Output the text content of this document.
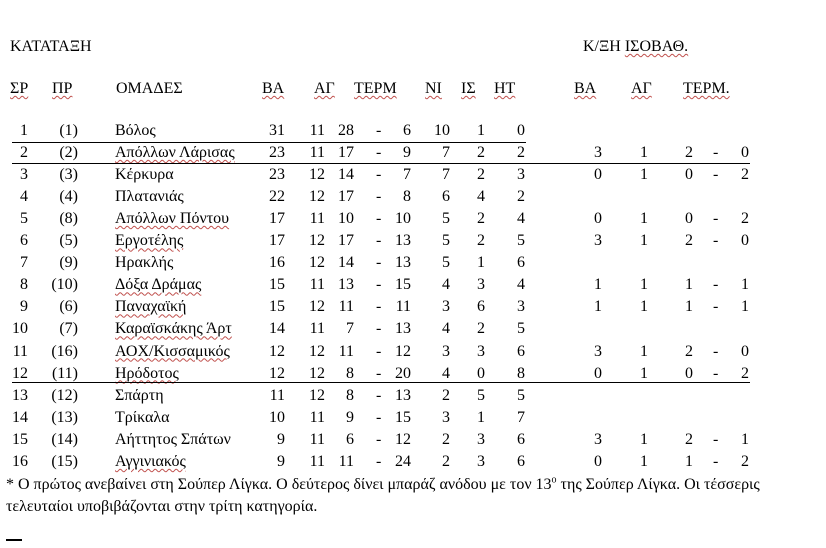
ΚΑΤΑΤΑΞΗ	Κ/ΞΗ ΙΣΟΒΑΘ.
ΣΡ ΠΡ	ΟΜΑΔΕΣ	ΒΑ ΑΓ ΤΕΡΜ ΝΙ ΙΣ ΗΤ	ΒΑ ΑΓ ΤΕΡΜ.
1 (1) Βόλος	31 11 28 - 6 10 1 0
2 (2) Απόλλων Λάρισας 23 11 17 - 9 7 2 2	3 1 2 - 0
3 (3) Κέρκυρα	23 12 14 - 7 7 2 3	0 1 0 - 2
4 (4) Πλατανιάς	22 12 17 - 8 6 4 2
5 (8) Απόλλων Πόντου 17 11 10 - 10 5 2 4	0 1 0 - 2
6 (5) Εργοτέλης	17 12 17 - 13 5 2 5	3 1 2 - 0
7 (9) Ηρακλής	16 12 14 - 13 5 1 6
8 (10) Δόξα Δράμας	15 11 13 - 15 4 3 4	1 1 1 - 1
9 (6) Παναχαϊκή	15 12 11 - 11 3 6 3	1 1 1 - 1
10 (7) Καραϊσκάκης Άρτ 14 11 7 - 13 4 2 5
11 (16) ΑΟΧ/Κισσαμικός 12 12 11 - 12 3 3 6	3 1 2 - 0
12 (11) Ηρόδοτος	12 12 8 - 20 4 0 8	0 1 0 - 2
13 (12) Σπάρτη	11 12 8 - 13 2 5 5
14 (13) Τρίκαλα	10 11 9 - 15 3 1 7
15 (14) Αήττητος Σπάτων	9 11 6 - 12 2 3 6	3 1 2 - 1
16 (15) Αγγινιακός	9 11 11 - 24 2 3 6	0 1 1 - 2
* Ο πρώτος ανεβαίνει στη Σούπερ Λίγκα. Ο δεύτερος δίνει μπαράζ ανόδου με τον $13^o$ της Σούπερ Λίγκα. Οι τέσσερις τελευταίοι υποβιβάζονται στην τρίτη κατηγορία.
